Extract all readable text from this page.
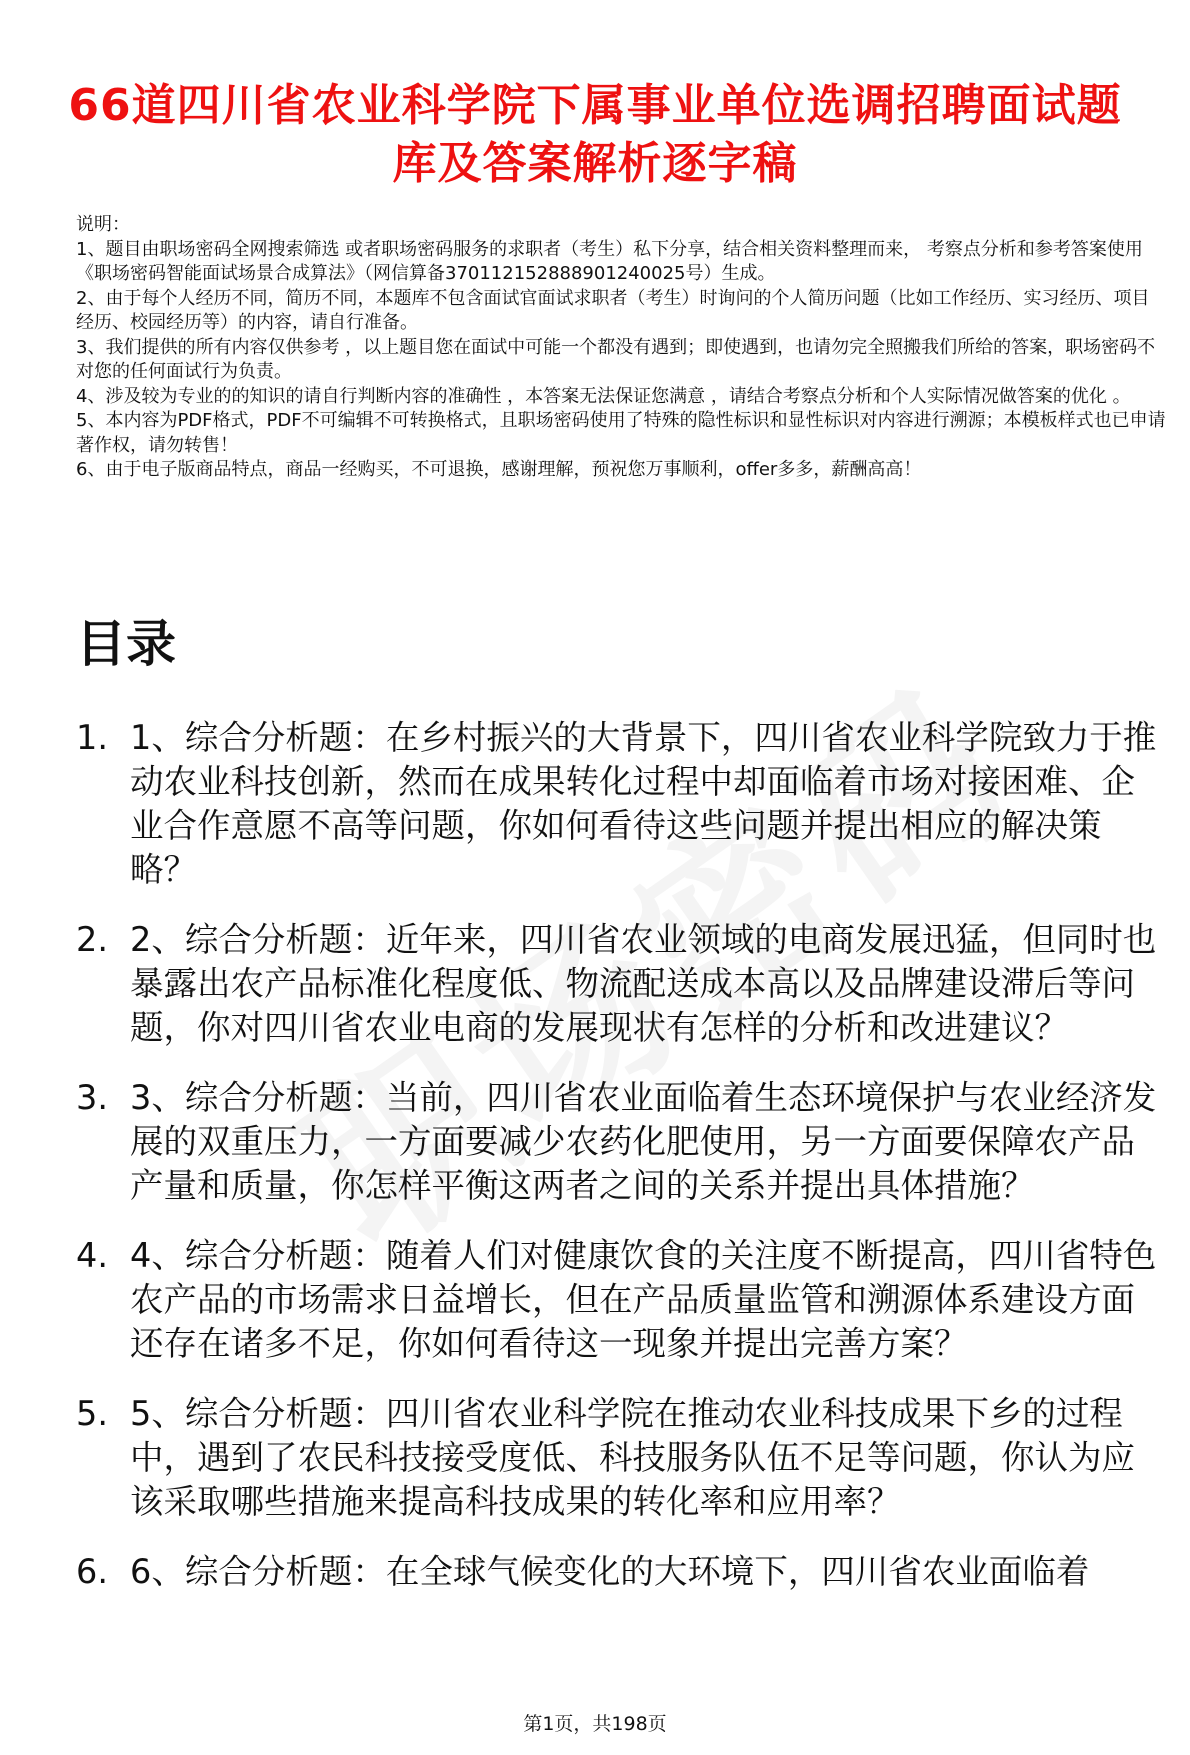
66道四川省农业科学院下属事业单位选调招聘面试题库及答案解析逐字稿

说明：

1、题目由职场密码全网搜索筛选 或者职场密码服务的求职者（考生）私下分享，结合相关资料整理而来， 考察点分析和参考答案使用《职场密码智能面试场景合成算法》（网信算备37011215288890124002​5号）生成。

2、由于每个人经历不同，简历不同，本题库不包含面试官面试求职者（考生）时询问的个人简历问题（比如工作经历、实习经历、项目经历、校园经历等）的内容，请自行准备。

3、我们提供的所有内容仅供参考 ，以上题目您在面试中可能一个都没有遇到；即使遇到，也请勿完全照搬我们所给的答案，职场密码不对您的任何面试行为负责。

4、涉及较为专业的的知识的请自行判断内容的准确性 ，本答案无法保证您满意 ，请结合考察点分析和个人实际情况做答案的优化 。

5、本内容为PDF格式，PDF不可编辑不可转换格式，且职场密码使用了特殊的隐性标识和显性标识对内容进行溯源；本模板样式也已申请著作权，请勿转售！

6、由于电子版商品特点，商品一经购买，不可退换，感谢理解，预祝您万事顺利，offer多多，薪酬高高！

目录
1. 1、综合分析题：在乡村振兴的大背景下，四川省农业科学院致力于推动农业科技创新，然而在成果转化过程中却面临着市场对接困难、企业合作意愿不高等问题，你如何看待这些问题并提出相应的解决策略？
2. 2、综合分析题：近年来，四川省农业领域的电商发展迅猛，但同时也暴露出农产品标准化程度低、物流配送成本高以及品牌建设滞后等问题，你对四川省农业电商的发展现状有怎样的分析和改进建议？
3. 3、综合分析题：当前，四川省农业面临着生态环境保护与农业经济发展的双重压力，一方面要减少农药化肥使用，另一方面要保障农产品产量和质量，你怎样平衡这两者之间的关系并提出具体措施？
4. 4、综合分析题：随着人们对健康饮食的关注度不断提高，四川省特色农产品的市场需求日益增长，但在产品质量监管和溯源体系建设方面还存在诸多不足，你如何看待这一现象并提出完善方案？
5. 5、综合分析题：四川省农业科学院在推动农业科技成果下乡的过程中，遇到了农民科技接受度低、科技服务队伍不足等问题，你认为应该采取哪些措施来提高科技成果的转化率和应用率？
6. 6、综合分析题：在全球气候变化的大环境下，四川省农业面临着
第1页，共198页
